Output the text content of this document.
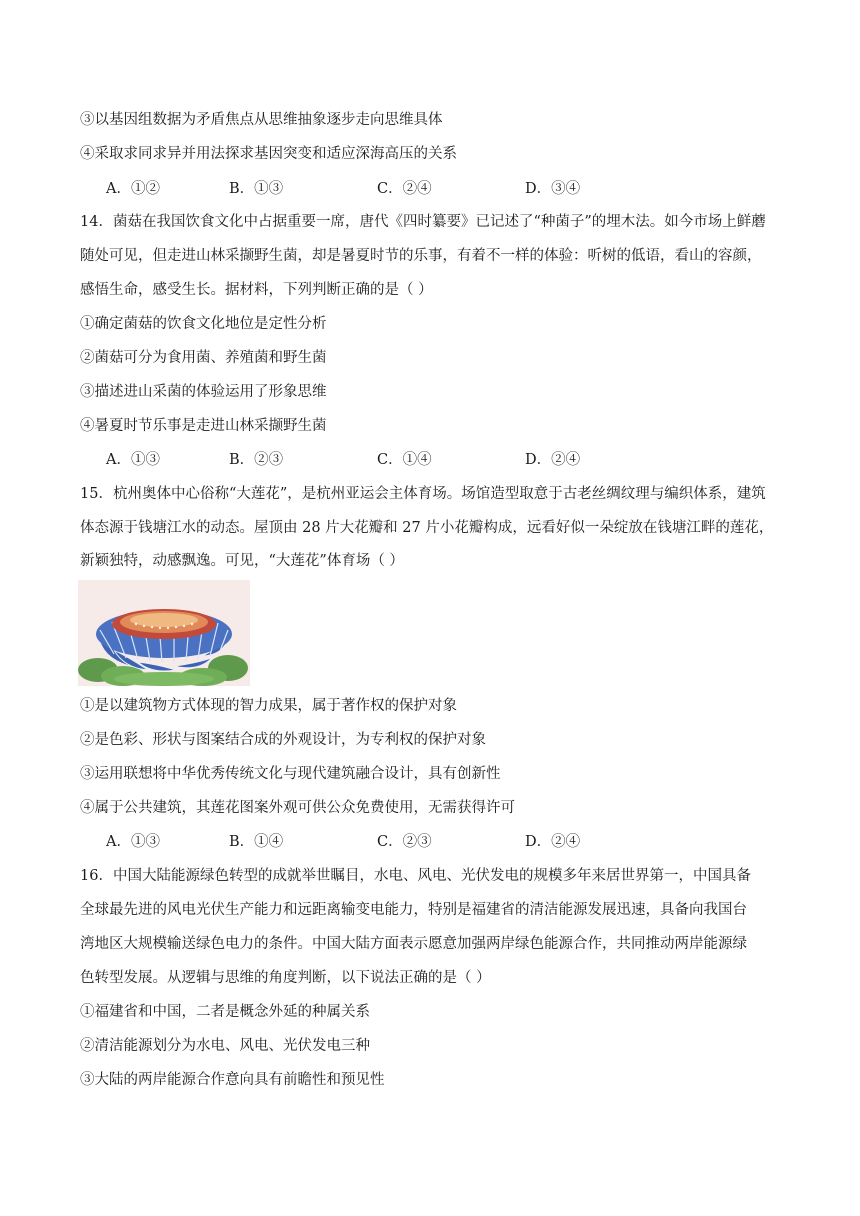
③以基因组数据为矛盾焦点从思维抽象逐步走向思维具体
④采取求同求异并用法探求基因突变和适应深海高压的关系
A．①②	B．①③	C．②④	D．③④
14．菌菇在我国饮食文化中占据重要一席，唐代《四时纂要》已记述了“种菌子”的埋木法。如今市场上鲜蘑
随处可见，但走进山林采撷野生菌，却是暑夏时节的乐事，有着不一样的体验：听树的低语，看山的容颜，
感悟生命，感受生长。据材料，下列判断正确的是（ ）
①确定菌菇的饮食文化地位是定性分析
②菌菇可分为食用菌、养殖菌和野生菌
③描述进山采菌的体验运用了形象思维
④暑夏时节乐事是走进山林采撷野生菌
A．①③	B．②③	C．①④	D．②④
15．杭州奥体中心俗称“大莲花”，是杭州亚运会主体育场。场馆造型取意于古老丝绸纹理与编织体系，建筑
体态源于钱塘江水的动态。屋顶由 28 片大花瓣和 27 片小花瓣构成，远看好似一朵绽放在钱塘江畔的莲花，
新颖独特，动感飘逸。可见，“大莲花”体育场（ ）
①是以建筑物方式体现的智力成果，属于著作权的保护对象
②是色彩、形状与图案结合成的外观设计，为专利权的保护对象
③运用联想将中华优秀传统文化与现代建筑融合设计，具有创新性
④属于公共建筑，其莲花图案外观可供公众免费使用，无需获得许可
A．①③	B．①④	C．②③	D．②④
16．中国大陆能源绿色转型的成就举世瞩目，水电、风电、光伏发电的规模多年来居世界第一，中国具备
全球最先进的风电光伏生产能力和远距离输变电能力，特别是福建省的清洁能源发展迅速，具备向我国台
湾地区大规模输送绿色电力的条件。中国大陆方面表示愿意加强两岸绿色能源合作，共同推动两岸能源绿
色转型发展。从逻辑与思维的角度判断，以下说法正确的是（ ）
①福建省和中国，二者是概念外延的种属关系
②清洁能源划分为水电、风电、光伏发电三种
③大陆的两岸能源合作意向具有前瞻性和预见性
